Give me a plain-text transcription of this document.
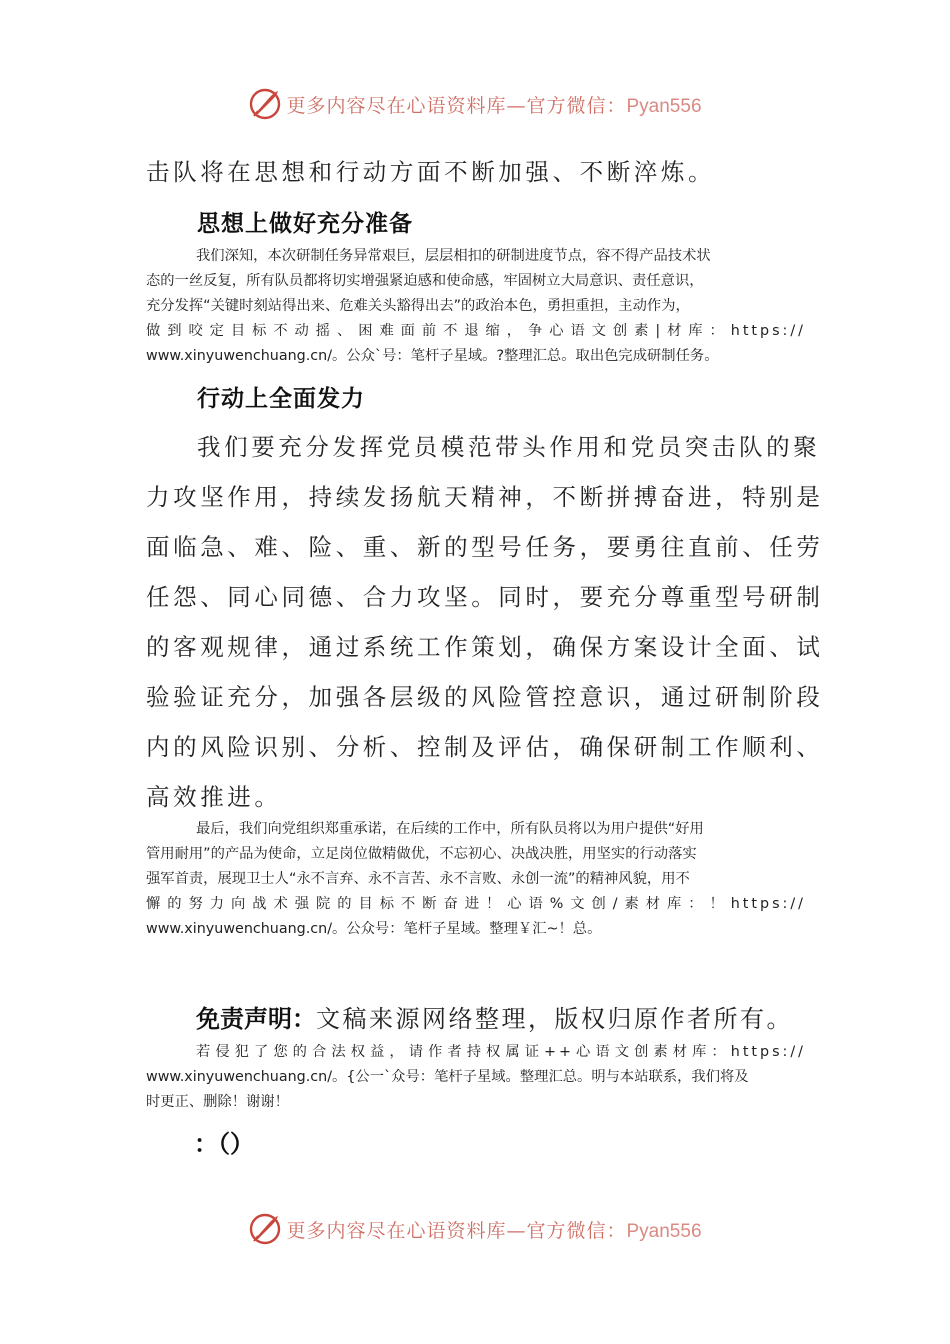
更多内容尽在心语资料库—官方微信：Pyan556
击队将在思想和行动方面不断加强、不断淬炼。
思想上做好充分准备
我们深知，本次研制任务异常艰巨，层层相扣的研制进度节点，容不得产品技术状
态的一丝反复，所有队员都将切实增强紧迫感和使命感，牢固树立大局意识、责任意识，
充分发挥“关键时刻站得出来、危难关头豁得出去”的政治本色，勇担重担，主动作为，
做到咬定目标不动摇、困难面前不退缩，争心语文创素|材库：https://
www.xinyuwenchuang.cn/。公众`号：笔杆子星域。?整理汇总。取出色完成研制任务。
行动上全面发力
我们要充分发挥党员模范带头作用和党员突击队的聚
力攻坚作用，持续发扬航天精神，不断拼搏奋进，特别是
面临急、难、险、重、新的型号任务，要勇往直前、任劳
任怨、同心同德、合力攻坚。同时，要充分尊重型号研制
的客观规律，通过系统工作策划，确保方案设计全面、试
验验证充分，加强各层级的风险管控意识，通过研制阶段
内的风险识别、分析、控制及评估，确保研制工作顺利、
高效推进。
最后，我们向党组织郑重承诺，在后续的工作中，所有队员将以为用户提供“好用
管用耐用”的产品为使命，立足岗位做精做优，不忘初心、决战决胜，用坚实的行动落实
强军首责，展现卫士人“永不言弃、永不言苦、永不言败、永创一流”的精神风貌，用不
懈的努力向战术强院的目标不断奋进！心语%文创/素材库：！https://
www.xinyuwenchuang.cn/。公众号：笔杆子星域。整理￥汇~！总。
免责声明：文稿来源网络整理，版权归原作者所有。
若侵犯了您的合法权益，请作者持权属证++心语文创素材库：https://
www.xinyuwenchuang.cn/。{公一`众号：笔杆子星域。整理汇总。明与本站联系，我们将及
时更正、删除！谢谢！
：（）
更多内容尽在心语资料库—官方微信：Pyan556
